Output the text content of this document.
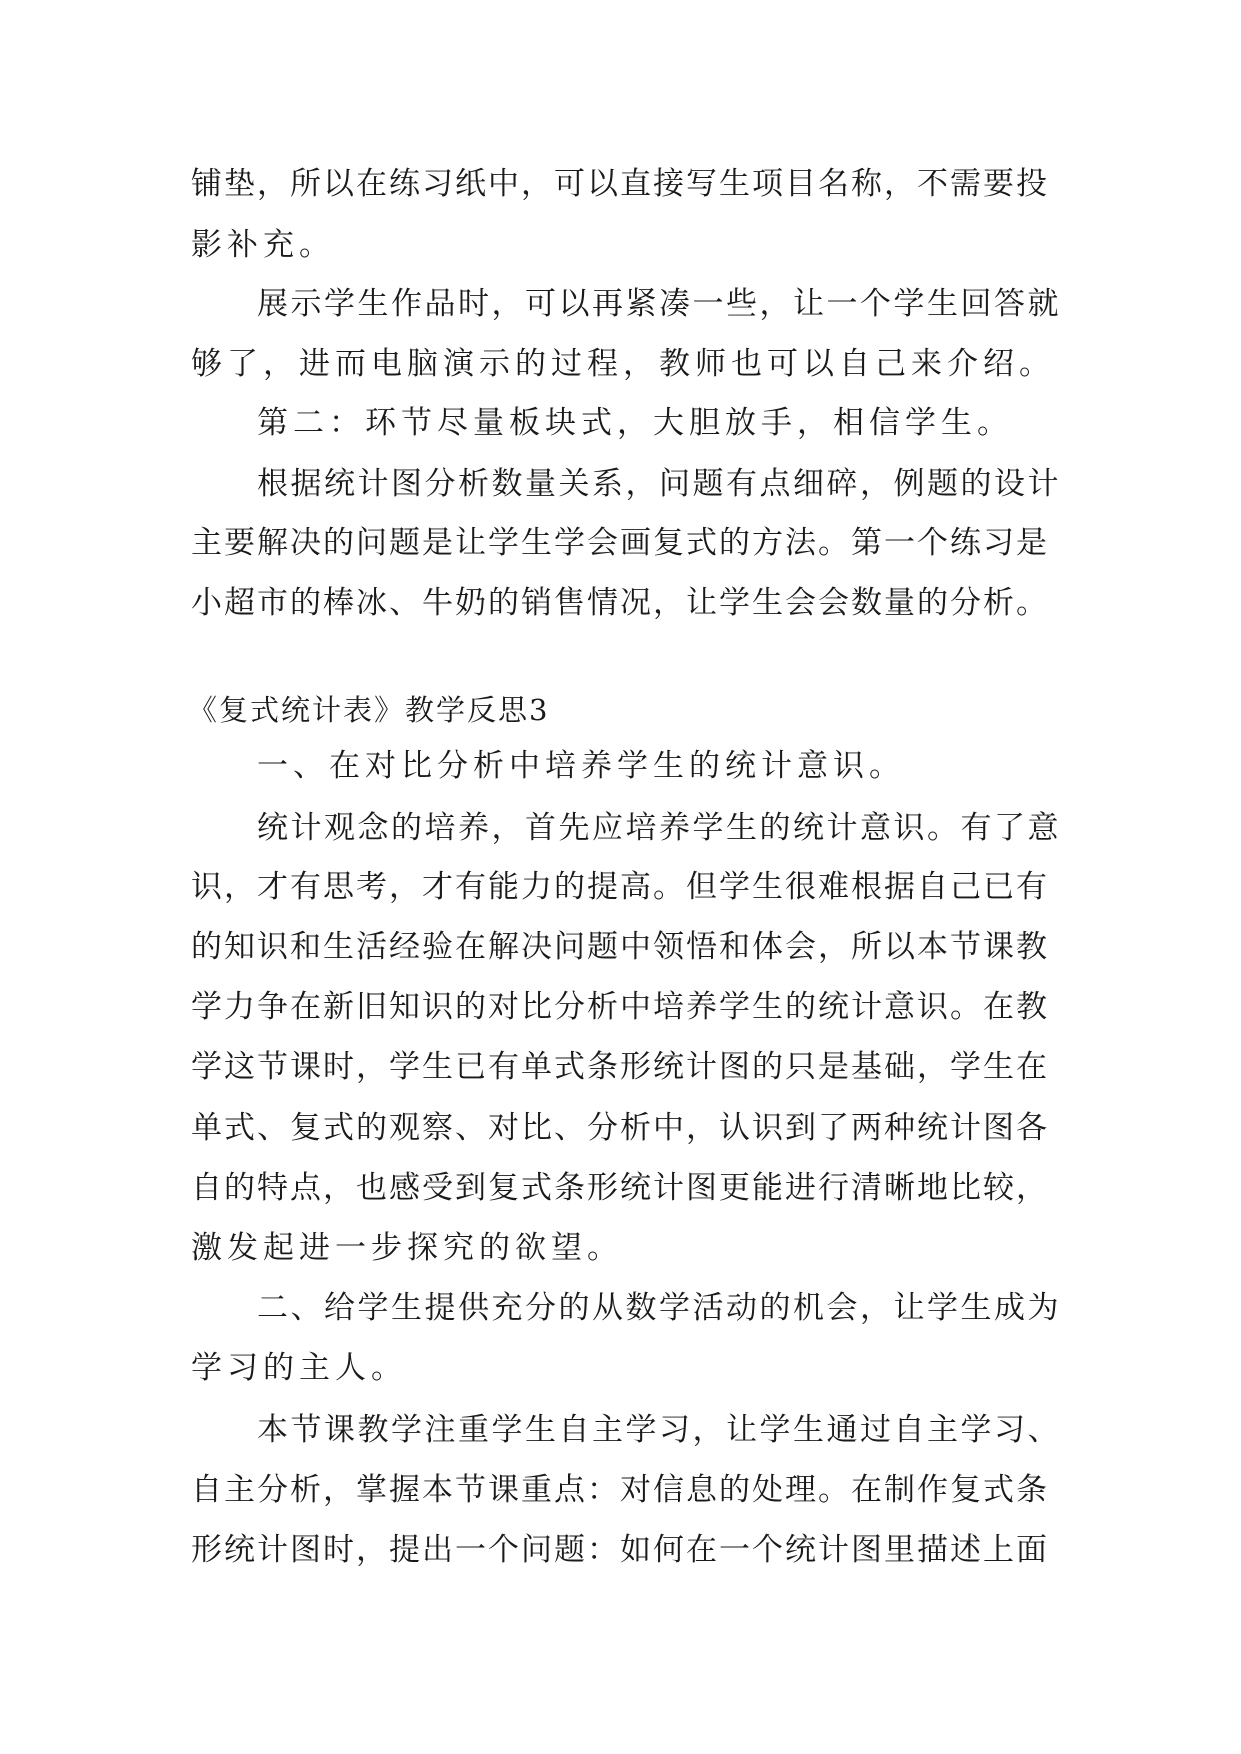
铺垫，所以在练习纸中，可以直接写生项目名称，不需要投
影补充。
展示学生作品时，可以再紧凑一些，让一个学生回答就
够了，进而电脑演示的过程，教师也可以自己来介绍。
第二：环节尽量板块式，大胆放手，相信学生。
根据统计图分析数量关系，问题有点细碎，例题的设计
主要解决的问题是让学生学会画复式的方法。第一个练习是
小超市的棒冰、牛奶的销售情况，让学生会会数量的分析。
《复式统计表》教学反思3
一、在对比分析中培养学生的统计意识。
统计观念的培养，首先应培养学生的统计意识。有了意
识，才有思考，才有能力的提高。但学生很难根据自己已有
的知识和生活经验在解决问题中领悟和体会，所以本节课教
学力争在新旧知识的对比分析中培养学生的统计意识。在教
学这节课时，学生已有单式条形统计图的只是基础，学生在
单式、复式的观察、对比、分析中，认识到了两种统计图各
自的特点，也感受到复式条形统计图更能进行清晰地比较，
激发起进一步探究的欲望。
二、给学生提供充分的从数学活动的机会，让学生成为
学习的主人。
本节课教学注重学生自主学习，让学生通过自主学习、
自主分析，掌握本节课重点：对信息的处理。在制作复式条
形统计图时，提出一个问题：如何在一个统计图里描述上面
